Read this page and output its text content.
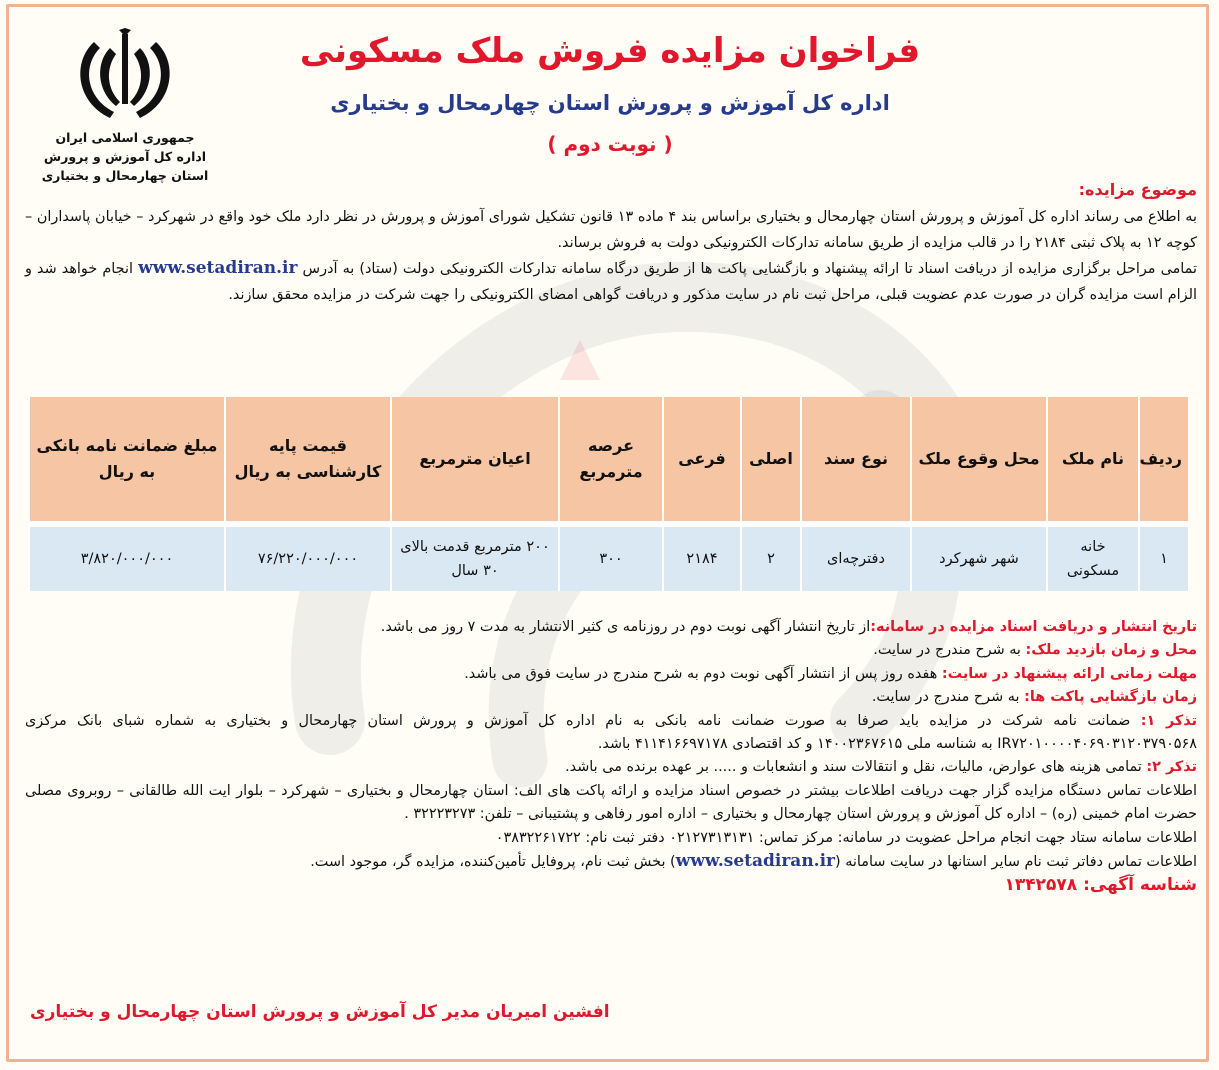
جمهوری اسلامی ایران
اداره کل آموزش و پرورش
استان چهارمحال و بختیاری
فراخوان مزایده فروش ملک مسکونی
اداره کل آموزش و پرورش استان چهارمحال و بختیاری
( نوبت دوم )
موضوع مزایده:

به اطلاع می رساند اداره کل آموزش و پرورش استان چهارمحال و بختیاری براساس بند ۴ ماده ۱۳ قانون تشکیل شورای آموزش و پرورش در نظر دارد ملک خود واقع در شهرکرد – خیابان پاسداران – کوچه ۱۲ به پلاک ثبتی ۲۱۸۴ را در قالب مزایده از طریق سامانه تدارکات الکترونیکی دولت به فروش برساند.

تمامی مراحل برگزاری مزایده از دریافت اسناد تا ارائه پیشنهاد و بازگشایی پاکت ها از طریق درگاه سامانه تدارکات الکترونیکی دولت (ستاد) به آدرس www.setadiran.ir انجام خواهد شد و الزام است مزایده گران در صورت عدم عضویت قبلی، مراحل ثبت نام در سایت مذکور و دریافت گواهی امضای الکترونیکی را جهت شرکت در مزایده محقق سازند.

ردیف	نام ملک	محل وقوع ملک	نوع سند	اصلی	فرعی	عرصه مترمربع	اعیان مترمربع	قیمت پایه کارشناسی به ریال	مبلغ ضمانت نامه بانکی به ریال
۱	خانه مسکونی	شهر شهرکرد	دفترچه‌ای	۲	۲۱۸۴	۳۰۰	۲۰۰ مترمربع قدمت بالای ۳۰ سال	۷۶/۲۲۰/۰۰۰/۰۰۰	۳/۸۲۰/۰۰۰/۰۰۰

تاریخ انتشار و دریافت اسناد مزایده در سامانه:از تاریخ انتشار آگهی نوبت دوم در روزنامه ی کثیر الانتشار به مدت ۷ روز می باشد.

محل و زمان بازدید ملک: به شرح مندرج در سایت.

مهلت زمانی ارائه پیشنهاد در سایت: هفده روز پس از انتشار آگهی نوبت دوم به شرح مندرج در سایت فوق می باشد.

زمان بازگشایی پاکت ها: به شرح مندرج در سایت.

تذکر ۱: ضمانت نامه شرکت در مزایده باید صرفا به صورت ضمانت نامه بانکی به نام اداره کل آموزش و پرورش استان چهارمحال و بختیاری به شماره شبای بانک مرکزی IR۷۲۰۱۰۰۰۰۴۰۶۹۰۳۱۲۰۳۷۹۰۵۶۸ به شناسه ملی ۱۴۰۰۲۳۶۷۶۱۵ و کد اقتصادی ۴۱۱۴۱۶۶۹۷۱۷۸ باشد.

تذکر ۲: تمامی هزینه های عوارض، مالیات، نقل و انتقالات سند و انشعابات و ..... بر عهده برنده می باشد.

اطلاعات تماس دستگاه مزایده گزار جهت دریافت اطلاعات بیشتر در خصوص اسناد مزایده و ارائه پاکت های الف: استان چهارمحال و بختیاری – شهرکرد – بلوار ایت الله طالقانی – روبروی مصلی حضرت امام خمینی (ره) – اداره کل آموزش و پرورش استان چهارمحال و بختیاری – اداره امور رفاهی و پشتیبانی – تلفن: ۳۲۲۲۳۲۷۳ .

اطلاعات سامانه ستاد جهت انجام مراحل عضویت در سامانه: مرکز تماس: ۰۲۱۲۷۳۱۳۱۳۱ دفتر ثبت نام: ۰۳۸۳۲۲۶۱۷۲۲

اطلاعات تماس دفاتر ثبت نام سایر استانها در سایت سامانه (www.setadiran.ir) بخش ثبت نام، پروفایل تأمین‌کننده، مزایده گر، موجود است.

شناسه آگهی: ۱۳۴۲۵۷۸

افشین امیریان مدیر کل آموزش و پرورش استان چهارمحال و بختیاری
